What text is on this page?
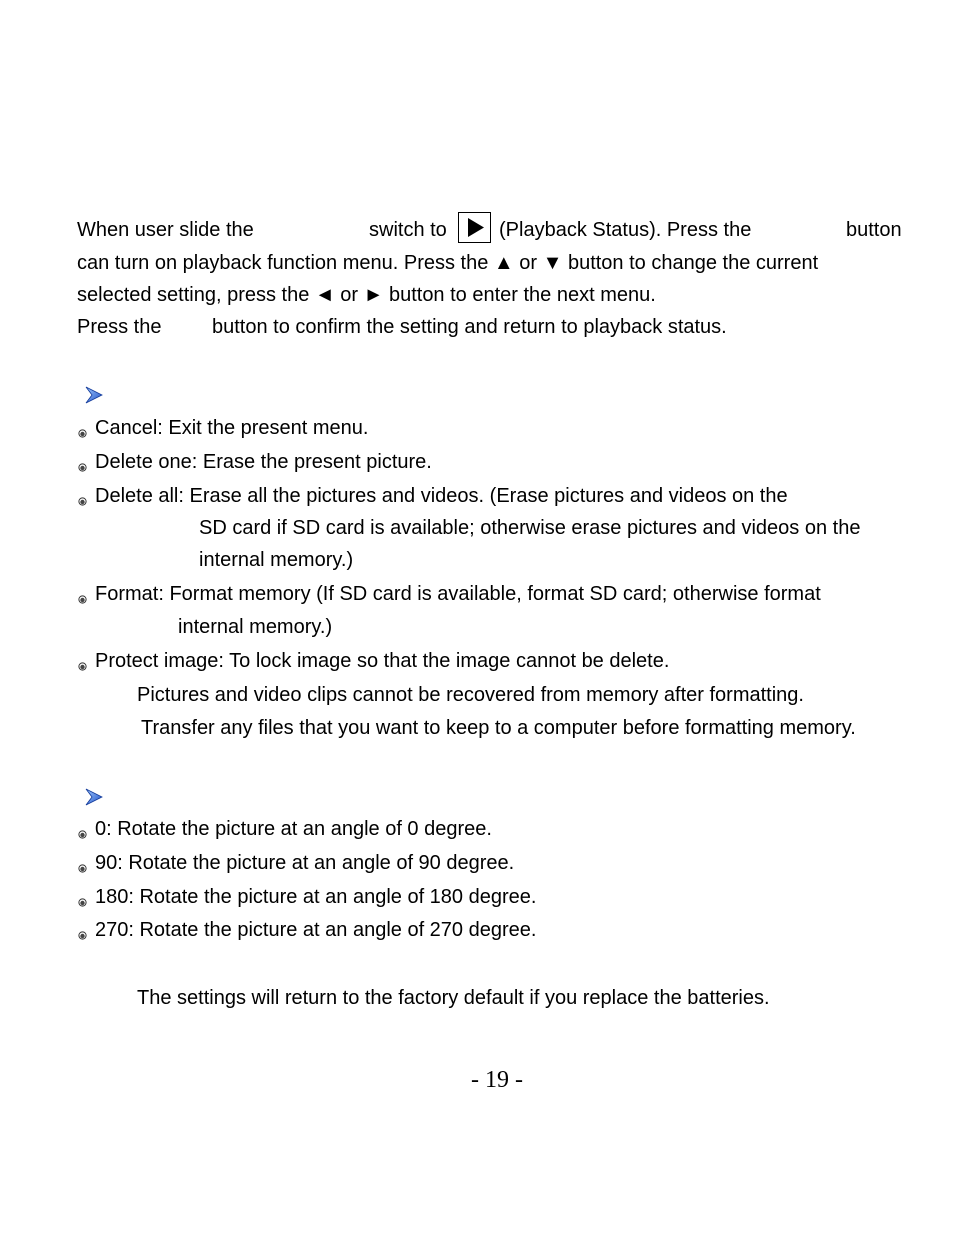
When user slide the	switch to	(Playback Status). Press the	button
can turn on playback function menu. Press the ▲ or ▼ button to change the current
selected setting, press the ◄ or ► button to enter the next menu.
Press the	button to confirm the setting and return to playback status.
Cancel: Exit the present menu.
Delete one: Erase the present picture.
Delete all: Erase all the pictures and videos. (Erase pictures and videos on the
SD card if SD card is available; otherwise erase pictures and videos on the
internal memory.)
Format: Format memory (If SD card is available, format SD card; otherwise format
internal memory.)
Protect image: To lock image so that the image cannot be delete.
Pictures and video clips cannot be recovered from memory after formatting.
Transfer any files that you want to keep to a computer before formatting memory.
0: Rotate the picture at an angle of 0 degree.
90: Rotate the picture at an angle of 90 degree.
180: Rotate the picture at an angle of 180 degree.
270: Rotate the picture at an angle of 270 degree.
The settings will return to the factory default if you replace the batteries.
- 19 -
